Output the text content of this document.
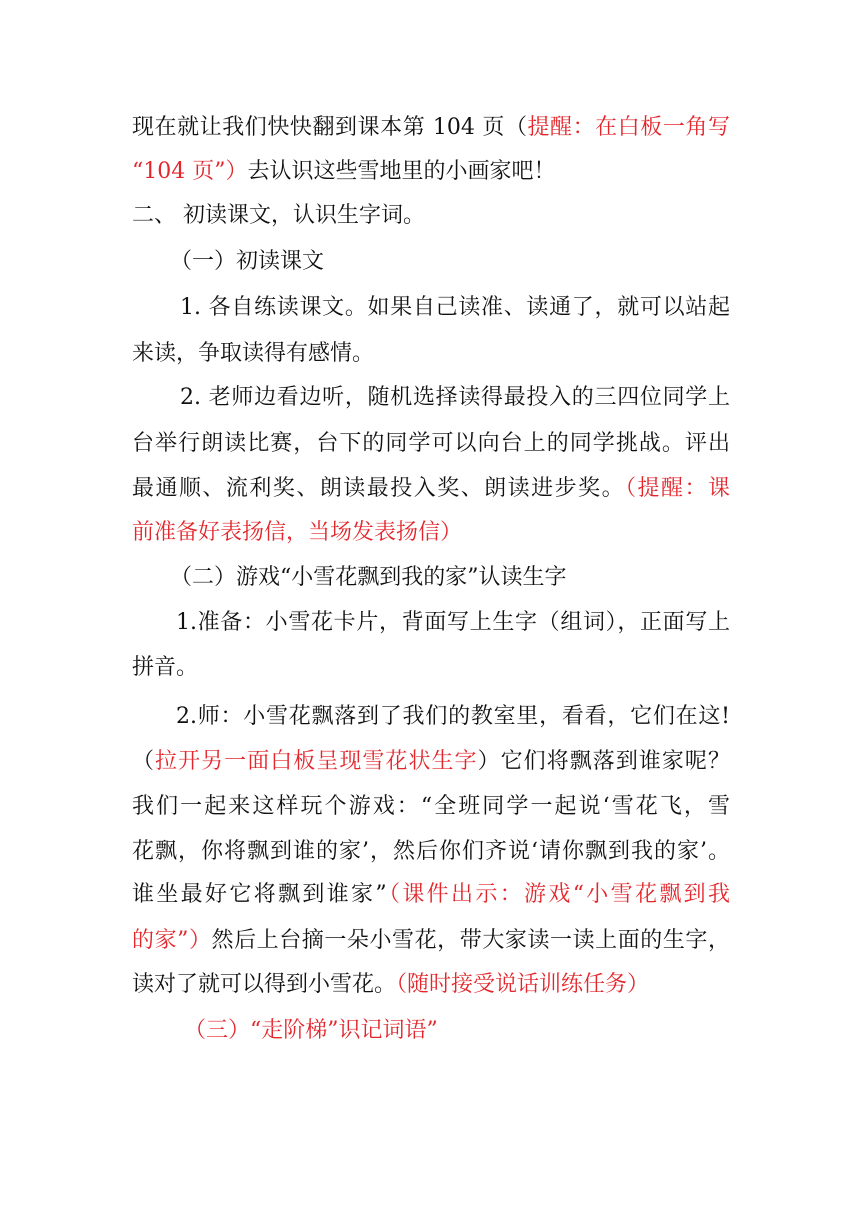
现在就让我们快快翻到课本第 104 页（提醒：在白板一角写
“104 页”）去认识这些雪地里的小画家吧！
二、 初读课文，认识生字词。
（一）初读课文
1. 各自练读课文。如果自己读准、读通了，就可以站起
来读，争取读得有感情。
2. 老师边看边听，随机选择读得最投入的三四位同学上
台举行朗读比赛，台下的同学可以向台上的同学挑战。评出
最通顺、流利奖、朗读最投入奖、朗读进步奖。（提醒：课
前准备好表扬信，当场发表扬信）
（二）游戏“小雪花飘到我的家”认读生字
1.准备：小雪花卡片，背面写上生字（组词），正面写上
拼音。
2.师：小雪花飘落到了我们的教室里，看看，它们在这!
（拉开另一面白板呈现雪花状生字）它们将飘落到谁家呢？
我们一起来这样玩个游戏：“全班同学一起说‘雪花飞，雪
花飘，你将飘到谁的家’，然后你们齐说‘请你飘到我的家’。
谁坐最好它将飘到谁家”（课件出示：游戏“小雪花飘到我
的家”）然后上台摘一朵小雪花，带大家读一读上面的生字，
读对了就可以得到小雪花。（随时接受说话训练任务）
（三）“走阶梯”识记词语”
